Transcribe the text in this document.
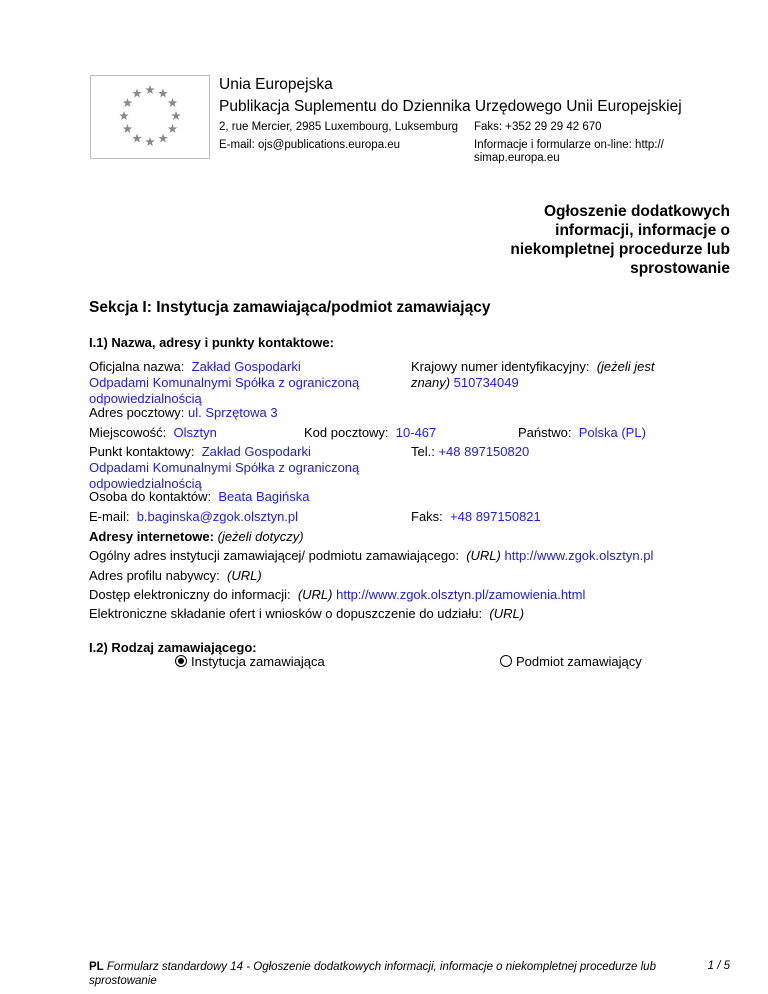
Unia Europejska
Publikacja Suplementu do Dziennika Urzędowego Unii Europejskiej
2, rue Mercier, 2985 Luxembourg, Luksemburg Faks: +352 29 29 42 670
E-mail: ojs@publications.europa.eu	Informacje i formularze on-line: http://
simap.europa.eu
Ogłoszenie dodatkowych
informacji, informacje o
niekompletnej procedurze lub
sprostowanie
Sekcja I: Instytucja zamawiająca/podmiot zamawiający
I.1) Nazwa, adresy i punkty kontaktowe:
Oficjalna nazwa: Zakład Gospodarki
Odpadami Komunalnymi Spółka z ograniczoną
odpowiedzialnością
Krajowy numer identyfikacyjny: (jeżeli jest
znany) 510734049
Adres pocztowy: ul. Sprzętowa 3
Miejscowość: Olsztyn	Kod pocztowy: 10-467	Państwo: Polska (PL)
Punkt kontaktowy: Zakład Gospodarki
Odpadami Komunalnymi Spółka z ograniczoną
odpowiedzialnością
Tel.: +48 897150820
Osoba do kontaktów: Beata Bagińska
E-mail: b.baginska@zgok.olsztyn.pl	Faks: +48 897150821
Adresy internetowe: (jeżeli dotyczy)
Ogólny adres instytucji zamawiającej/ podmiotu zamawiającego: (URL) http://www.zgok.olsztyn.pl
Adres profilu nabywcy: (URL)
Dostęp elektroniczny do informacji: (URL) http://www.zgok.olsztyn.pl/zamowienia.html
Elektroniczne składanie ofert i wniosków o dopuszczenie do udziału: (URL)
I.2) Rodzaj zamawiającego:
Instytucja zamawiająca	Podmiot zamawiający
PL Formularz standardowy 14 - Ogłoszenie dodatkowych informacji, informacje o niekompletnej procedurze lub
sprostowanie
1 / 5
